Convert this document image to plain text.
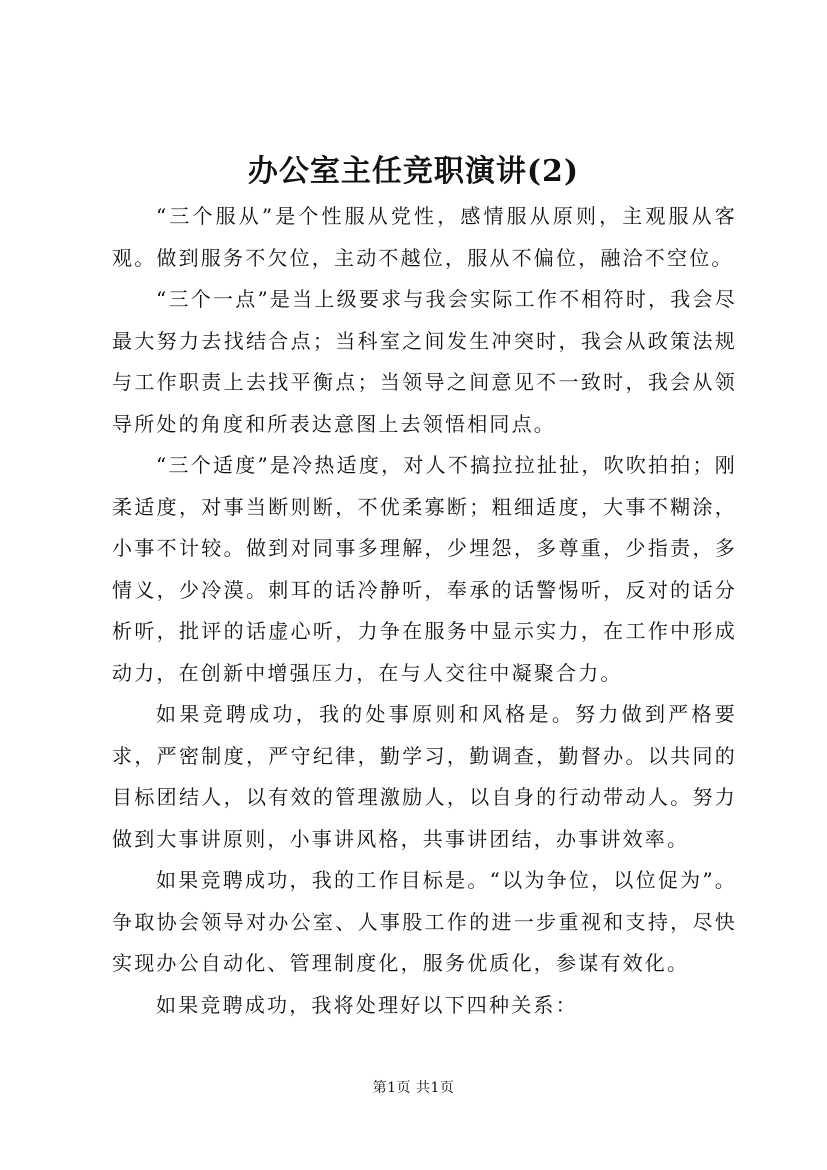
办公室主任竞职演讲(2)

“三个服从”是个性服从党性，感情服从原则，主观服从客观。做到服务不欠位，主动不越位，服从不偏位，融洽不空位。

“三个一点”是当上级要求与我会实际工作不相符时，我会尽最大努力去找结合点；当科室之间发生冲突时，我会从政策法规与工作职责上去找平衡点；当领导之间意见不一致时，我会从领导所处的角度和所表达意图上去领悟相同点。

“三个适度”是冷热适度，对人不搞拉拉扯扯，吹吹拍拍；刚柔适度，对事当断则断，不优柔寡断；粗细适度，大事不糊涂，小事不计较。做到对同事多理解，少埋怨，多尊重，少指责，多情义，少冷漠。刺耳的话冷静听，奉承的话警惕听，反对的话分析听，批评的话虚心听，力争在服务中显示实力，在工作中形成动力，在创新中增强压力，在与人交往中凝聚合力。

如果竞聘成功，我的处事原则和风格是。努力做到严格要求，严密制度，严守纪律，勤学习，勤调查，勤督办。以共同的目标团结人，以有效的管理激励人，以自身的行动带动人。努力做到大事讲原则，小事讲风格，共事讲团结，办事讲效率。

如果竞聘成功，我的工作目标是。“以为争位，以位促为”。争取协会领导对办公室、人事股工作的进一步重视和支持，尽快实现办公自动化、管理制度化，服务优质化，参谋有效化。

如果竞聘成功，我将处理好以下四种关系：

第1页 共1页
